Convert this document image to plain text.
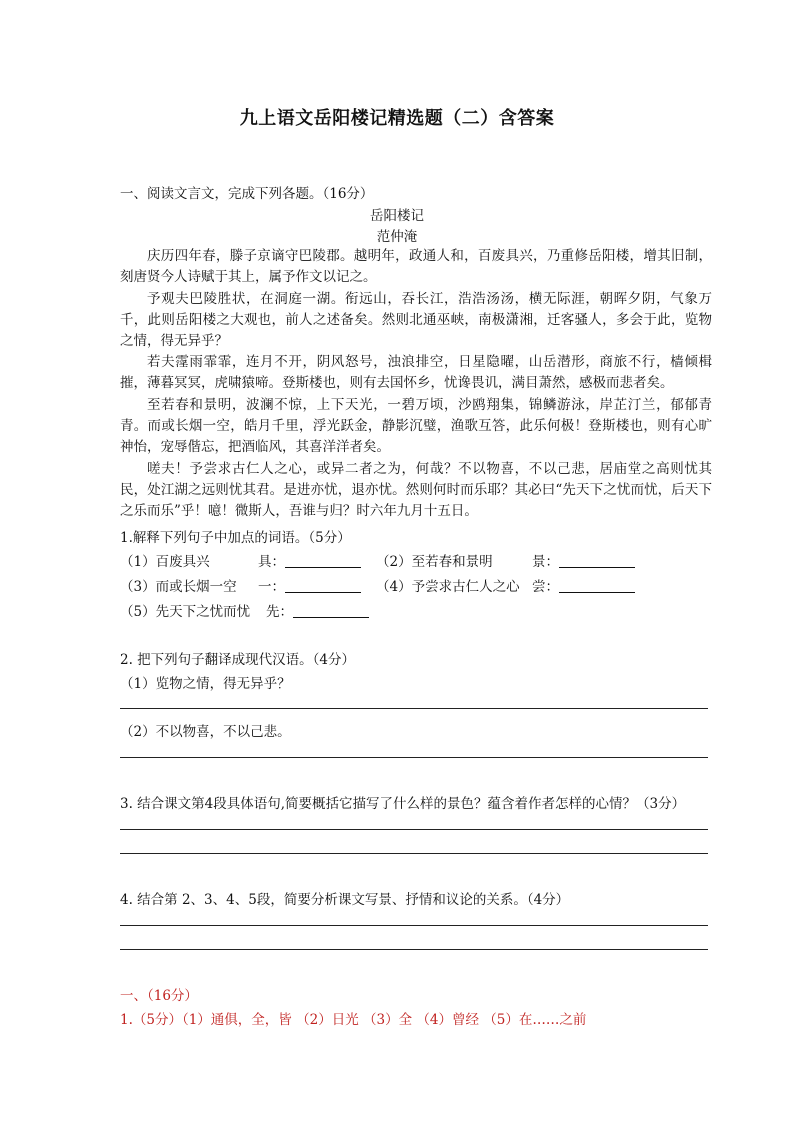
九上语文岳阳楼记精选题（二）含答案
一、阅读文言文，完成下列各题。（16分）
岳阳楼记
范仲淹
庆历四年春，滕子京谪守巴陵郡。越明年，政通人和，百废具兴，乃重修岳阳楼，增其旧制，刻唐贤今人诗赋于其上，属予作文以记之。
予观夫巴陵胜状，在洞庭一湖。衔远山，吞长江，浩浩汤汤，横无际涯，朝晖夕阴，气象万千，此则岳阳楼之大观也，前人之述备矣。然则北通巫峡，南极潇湘，迁客骚人，多会于此，览物之情，得无异乎？
若夫霪雨霏霏，连月不开，阴风怒号，浊浪排空，日星隐曜，山岳潜形，商旅不行，樯倾楫摧，薄暮冥冥，虎啸猿啼。登斯楼也，则有去国怀乡，忧谗畏讥，满目萧然，感极而悲者矣。
至若春和景明，波澜不惊，上下天光，一碧万顷，沙鸥翔集，锦鳞游泳，岸芷汀兰，郁郁青青。而或长烟一空，皓月千里，浮光跃金，静影沉璧，渔歌互答，此乐何极！登斯楼也，则有心旷神怡，宠辱偕忘，把酒临风，其喜洋洋者矣。
嗟夫！予尝求古仁人之心，或异二者之为，何哉？不以物喜，不以己悲，居庙堂之高则忧其民，处江湖之远则忧其君。是进亦忧，退亦忧。然则何时而乐耶？其必曰“先天下之忧而忧，后天下之乐而乐”乎！噫！微斯人，吾谁与归？时六年九月十五日。
1.解释下列句子中加点的词语。（5分）
（1）百废具兴	具：	（2）至若春和景明	景：
（3）而或长烟一空 一：	（4）予尝求古仁人之心 尝：
（5）先天下之忧而忧 先：
2. 把下列句子翻译成现代汉语。（4分）
（1）览物之情，得无异乎？
（2）不以物喜，不以己悲。
3. 结合课文第4段具体语句,简要概括它描写了什么样的景色？蕴含着作者怎样的心情？（3分）
4. 结合第 2、3、4、5段，简要分析课文写景、抒情和议论的关系。（4分）
一、（16分）
1.（5分）（1）通俱，全，皆 （2）日光 （3）全 （4）曾经 （5）在……之前
